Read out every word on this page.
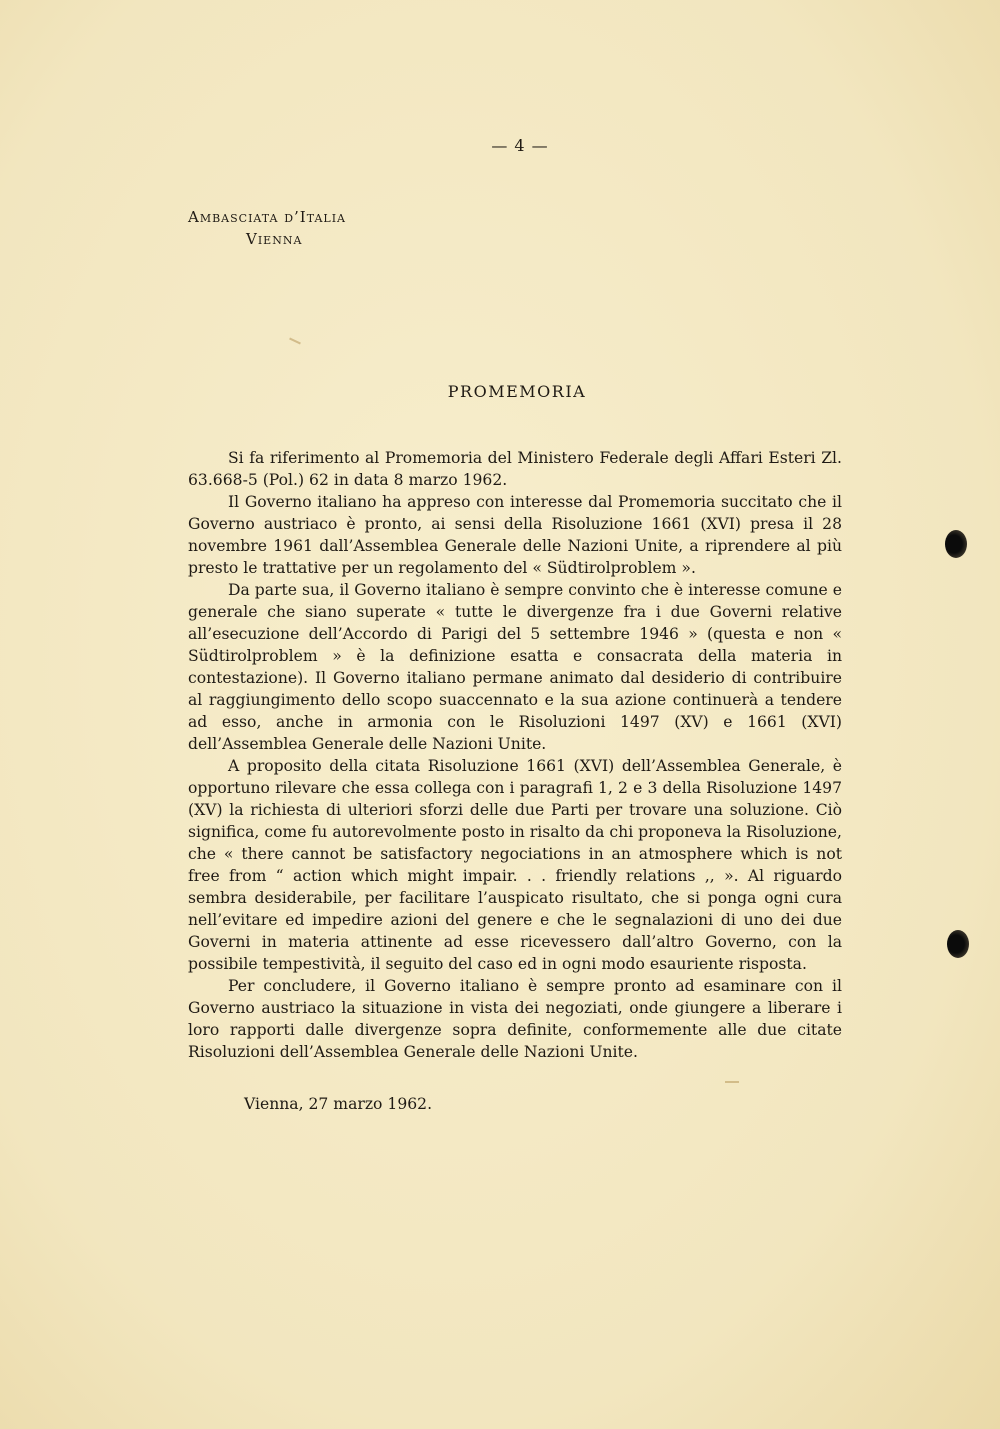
— 4 —
Ambasciata d’Italia
Vienna
PROMEMORIA

Si fa riferimento al Promemoria del Ministero Federale degli Affari Esteri Zl. 63.668-5 (Pol.) 62 in data 8 marzo 1962.

Il Governo italiano ha appreso con interesse dal Promemoria succitato che il Governo austriaco è pronto, ai sensi della Risoluzione 1661 (XVI) presa il 28 novembre 1961 dall’Assemblea Generale delle Nazioni Unite, a riprendere al più presto le trattative per un regolamento del « Südtirolproblem ».

Da parte sua, il Governo italiano è sempre convinto che è interesse comune e generale che siano superate « tutte le divergenze fra i due Governi relative all’esecuzione dell’Accordo di Parigi del 5 settembre 1946 » (questa e non « Südtirolproblem » è la definizione esatta e consacrata della materia in contestazione). Il Governo italiano permane animato dal desiderio di contribuire al raggiungimento dello scopo suaccennato e la sua azione continuerà a tendere ad esso, anche in armonia con le Risoluzioni 1497 (XV) e 1661 (XVI) dell’Assemblea Generale delle Nazioni Unite.

A proposito della citata Risoluzione 1661 (XVI) dell’Assemblea Generale, è opportuno rilevare che essa collega con i paragrafi 1, 2 e 3 della Risoluzione 1497 (XV) la richiesta di ulteriori sforzi delle due Parti per trovare una soluzione. Ciò significa, come fu autorevolmente posto in risalto da chi proponeva la Risoluzione, che « there cannot be satisfactory negociations in an atmosphere which is not free from “ action which might impair. . . friendly relations ,, ». Al riguardo sembra desiderabile, per facilitare l’auspicato risultato, che si ponga ogni cura nell’evitare ed impedire azioni del genere e che le segnalazioni di uno dei due Governi in materia attinente ad esse ricevessero dall’altro Governo, con la possibile tempestività, il seguito del caso ed in ogni modo esauriente risposta.

Per concludere, il Governo italiano è sempre pronto ad esaminare con il Governo austriaco la situazione in vista dei negoziati, onde giungere a liberare i loro rapporti dalle divergenze sopra definite, conformemente alle due citate Risoluzioni dell’Assemblea Generale delle Nazioni Unite.

Vienna, 27 marzo 1962.
